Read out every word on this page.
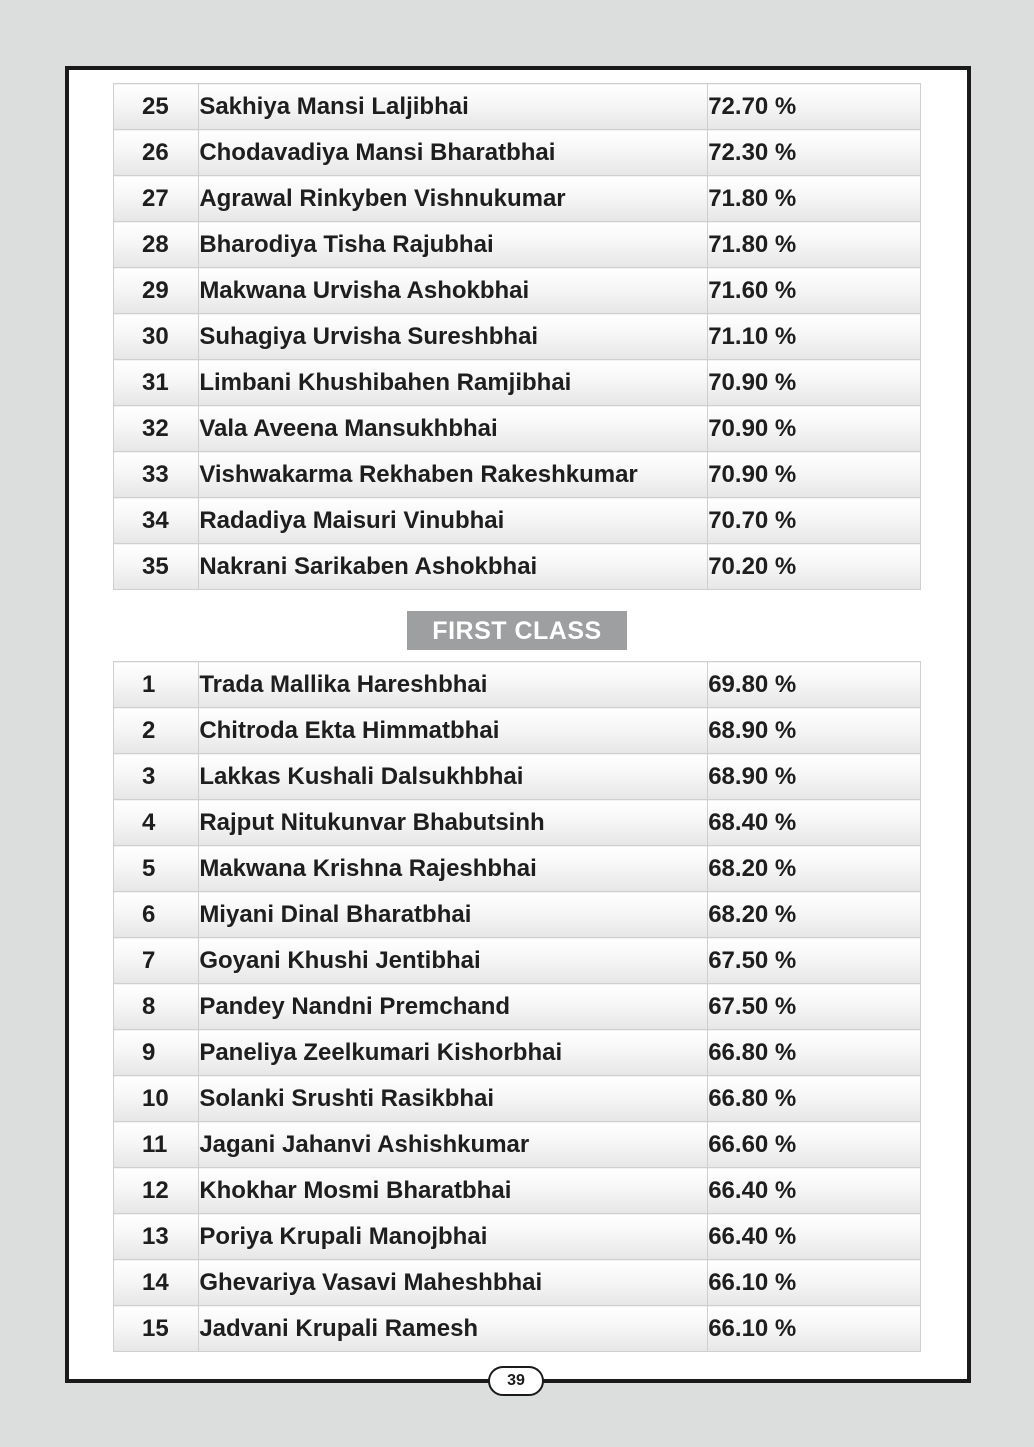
25	Sakhiya Mansi Laljibhai	72.70 %
26	Chodavadiya Mansi Bharatbhai	72.30 %
27	Agrawal Rinkyben Vishnukumar	71.80 %
28	Bharodiya Tisha Rajubhai	71.80 %
29	Makwana Urvisha Ashokbhai	71.60 %
30	Suhagiya Urvisha Sureshbhai	71.10 %
31	Limbani Khushibahen Ramjibhai	70.90 %
32	Vala Aveena Mansukhbhai	70.90 %
33	Vishwakarma Rekhaben Rakeshkumar	70.90 %
34	Radadiya Maisuri Vinubhai	70.70 %
35	Nakrani Sarikaben Ashokbhai	70.20 %
FIRST CLASS
1	Trada Mallika Hareshbhai	69.80 %
2	Chitroda Ekta Himmatbhai	68.90 %
3	Lakkas Kushali Dalsukhbhai	68.90 %
4	Rajput Nitukunvar Bhabutsinh	68.40 %
5	Makwana Krishna Rajeshbhai	68.20 %
6	Miyani Dinal Bharatbhai	68.20 %
7	Goyani Khushi Jentibhai	67.50 %
8	Pandey Nandni Premchand	67.50 %
9	Paneliya Zeelkumari Kishorbhai	66.80 %
10	Solanki Srushti Rasikbhai	66.80 %
11	Jagani Jahanvi Ashishkumar	66.60 %
12	Khokhar Mosmi Bharatbhai	66.40 %
13	Poriya Krupali Manojbhai	66.40 %
14	Ghevariya Vasavi Maheshbhai	66.10 %
15	Jadvani Krupali Ramesh	66.10 %
39
